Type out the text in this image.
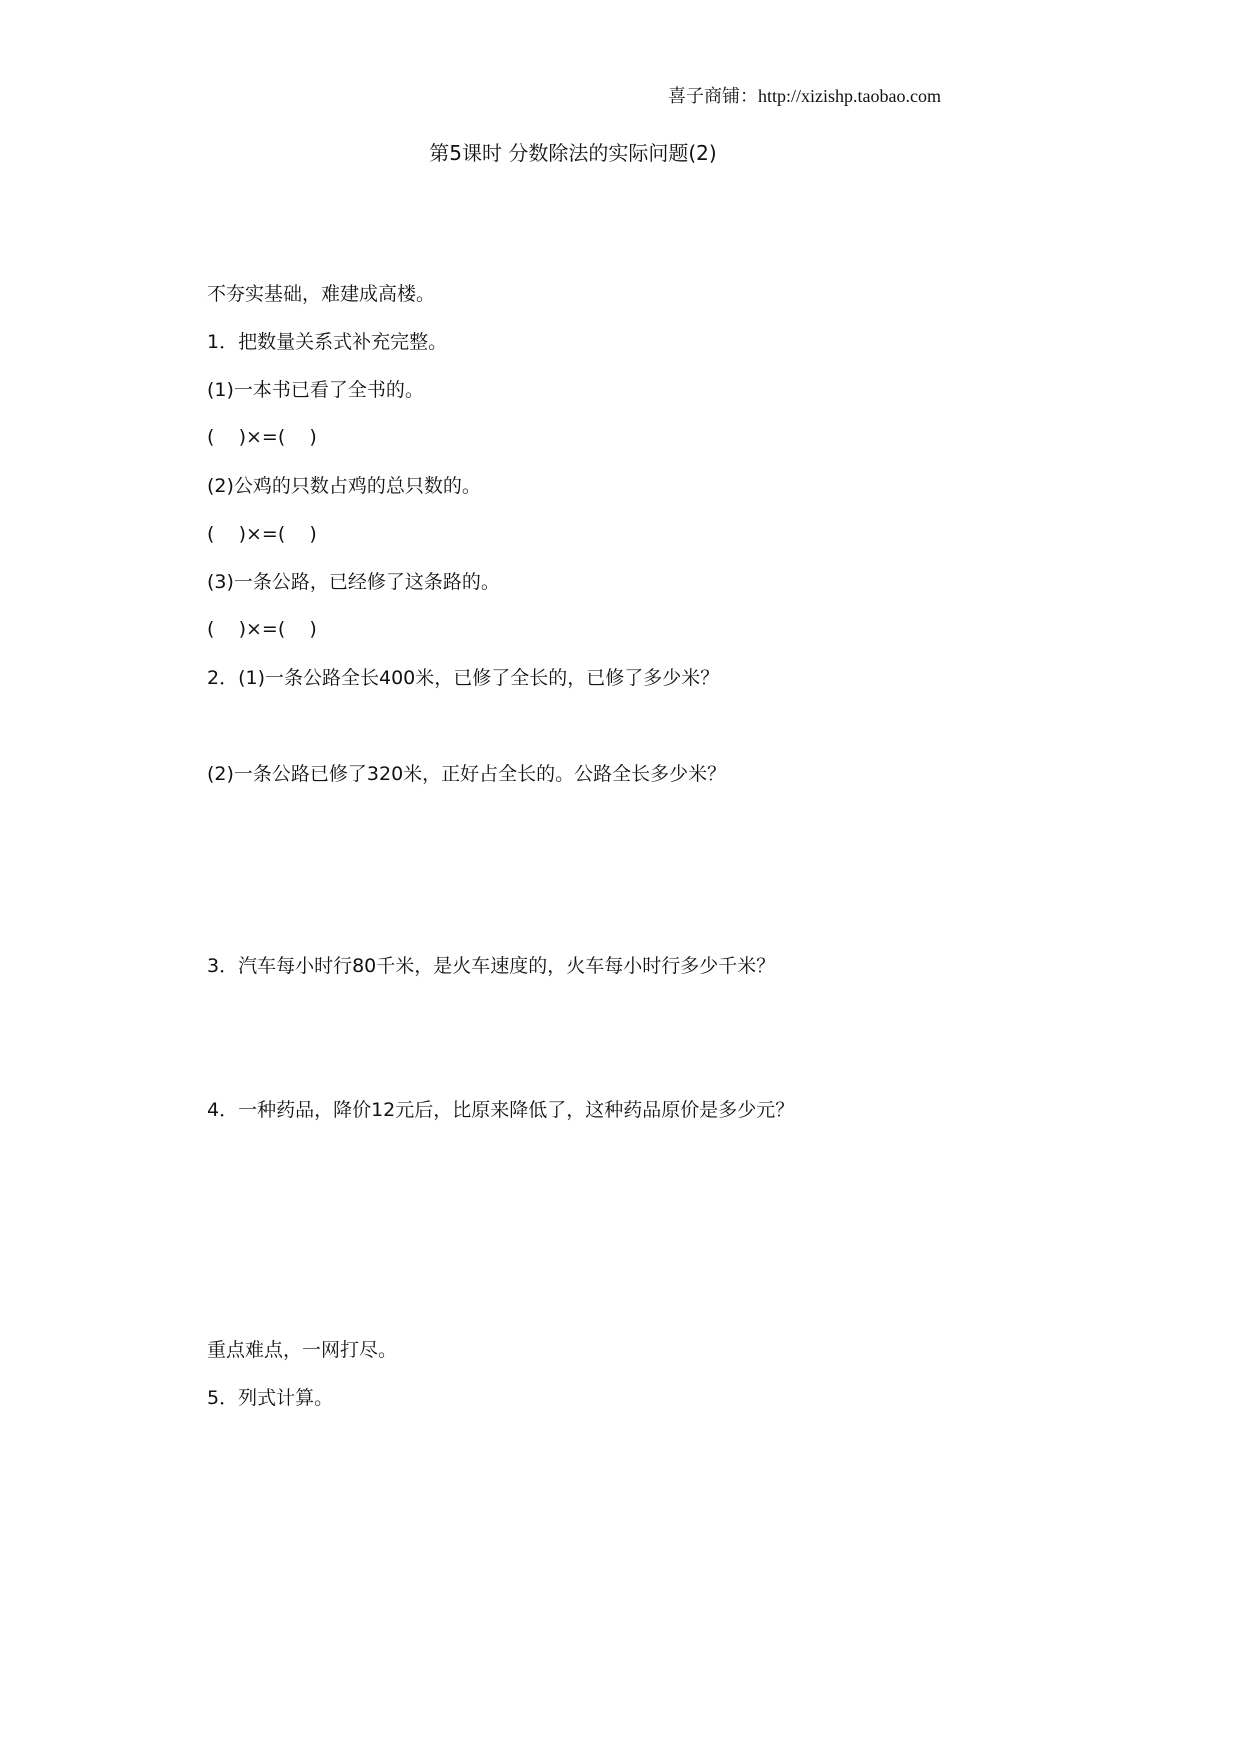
喜子商铺：http://xizishp.taobao.com
第5课时 分数除法的实际问题(2)
不夯实基础，难建成高楼。
1．把数量关系式补充完整。
(1)一本书已看了全书的。
(    )×=(    )
(2)公鸡的只数占鸡的总只数的。
(    )×=(    )
(3)一条公路，已经修了这条路的。
(    )×=(    )
2．(1)一条公路全长400米，已修了全长的，已修了多少米？
(2)一条公路已修了320米，正好占全长的。公路全长多少米？
3．汽车每小时行80千米，是火车速度的，火车每小时行多少千米？
4．一种药品，降价12元后，比原来降低了，这种药品原价是多少元？
重点难点，一网打尽。
5．列式计算。
